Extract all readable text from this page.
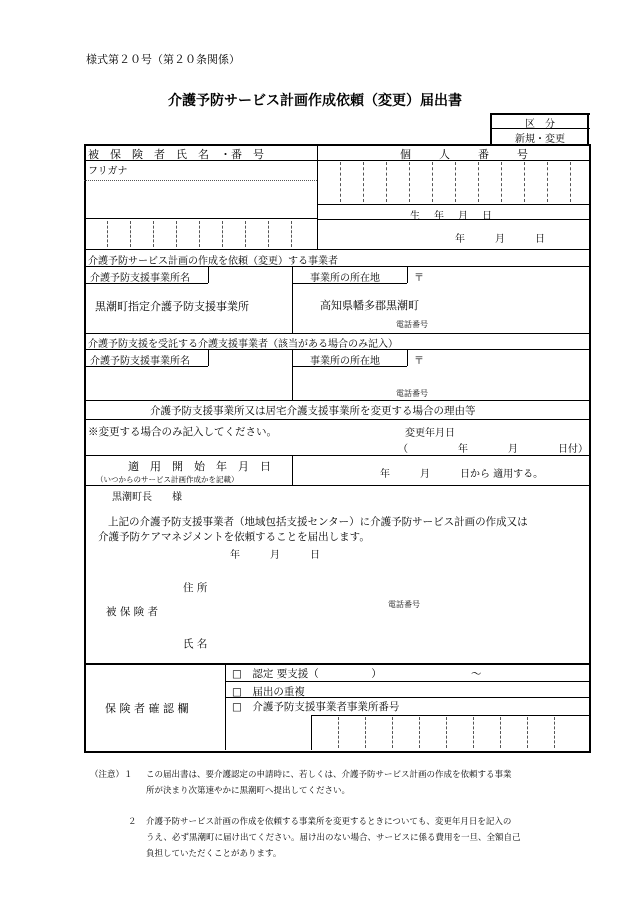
様式第２０号（第２０条関係）
介護予防サービス計画作成依頼（変更）届出書
区　分
新規・変更
被　保　険　者　氏　名　・番　号	個　　人　　番　　号
フリガナ
生　年　月　日
年　　　月　　　日
介護予防サービス計画の作成を依頼（変更）する事業者
介護予防支援事業所名	事業所の所在地	〒
黒潮町指定介護予防支援事業所	高知県幡多郡黒潮町
電話番号
介護予防支援を受託する介護支援事業者（該当がある場合のみ記入）
介護予防支援事業所名	事業所の所在地	〒
電話番号
介護予防支援事業所又は居宅介護支援事業所を変更する場合の理由等
※変更する場合のみ記入してください。	変更年月日
（　　　　　年　　　　月　　　　日付）
適　用　開　始　年　月　日
（いつからのサービス計画作成かを記載）	年　　　月　　　日から 適用する。
黒潮町長　　様
上記の介護予防支援事業者（地域包括支援センター）に介護予防サービス計画の作成又は
介護予防ケアマネジメントを依頼することを届出します。
年　　　月　　　日
住 所
被 保 険 者
電話番号
氏 名
保 険 者 確 認 欄
□　認定 要支援（　　　　　）　　　　　　　　　～
□　届出の重複
□　介護予防支援事業者事業所番号
（注意）１ この届出書は、要介護認定の申請時に、若しくは、介護予防サービス計画の作成を依頼する事業
所が決まり次第速やかに黒潮町へ提出してください。
２ 介護予防サービス計画の作成を依頼する事業所を変更するときについても、変更年月日を記入の
うえ、必ず黒潮町に届け出てください。届け出のない場合、サービスに係る費用を一旦、全額自己
負担していただくことがあります。
